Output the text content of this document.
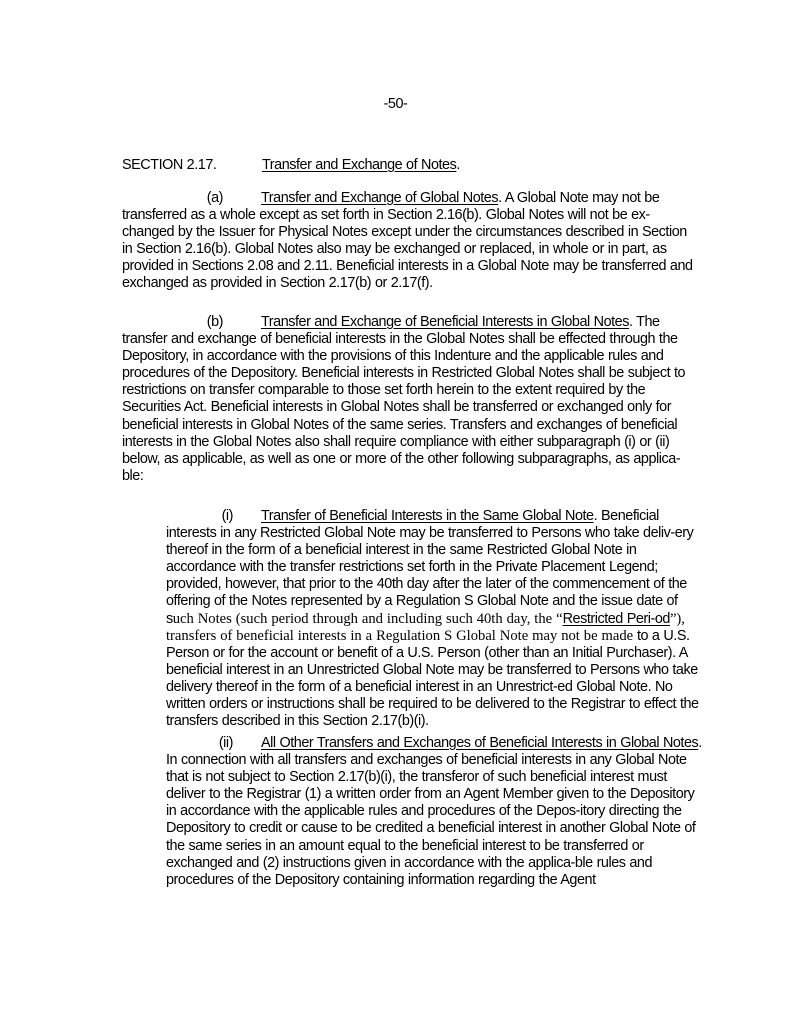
-50-

SECTION 2.17.	Transfer and Exchange of Notes.

(a)	Transfer and Exchange of Global Notes. A Global Note may not be transferred as a whole except as set forth in Section 2.16(b). Global Notes will not be ex-changed by the Issuer for Physical Notes except under the circumstances described in Section in Section 2.16(b). Global Notes also may be exchanged or replaced, in whole or in part, as provided in Sections 2.08 and 2.11. Beneficial interests in a Global Note may be transferred and exchanged as provided in Section 2.17(b) or 2.17(f).

(b)	Transfer and Exchange of Beneficial Interests in Global Notes. The transfer and exchange of beneficial interests in the Global Notes shall be effected through the Depository, in accordance with the provisions of this Indenture and the applicable rules and procedures of the Depository. Beneficial interests in Restricted Global Notes shall be subject to restrictions on transfer comparable to those set forth herein to the extent required by the Securities Act. Beneficial interests in Global Notes shall be transferred or exchanged only for beneficial interests in Global Notes of the same series. Transfers and exchanges of beneficial interests in the Global Notes also shall require compliance with either subparagraph (i) or (ii) below, as applicable, as well as one or more of the other following subparagraphs, as applica-ble:

(i) Transfer of Beneficial Interests in the Same Global Note. Beneficial interests in any Restricted Global Note may be transferred to Persons who take deliv-ery thereof in the form of a beneficial interest in the same Restricted Global Note in accordance with the transfer restrictions set forth in the Private Placement Legend; provided, however, that prior to the 40th day after the later of the commencement of the offering of the Notes represented by a Regulation S Global Note and the issue date of such Notes (such period through and including such 40th day, the “Restricted Peri-od”), transfers of beneficial interests in a Regulation S Global Note may not be made to a U.S. Person or for the account or benefit of a U.S. Person (other than an Initial Purchaser). A beneficial interest in an Unrestricted Global Note may be transferred to Persons who take delivery thereof in the form of a beneficial interest in an Unrestrict-ed Global Note. No written orders or instructions shall be required to be delivered to the Registrar to effect the transfers described in this Section 2.17(b)(i).

(ii) All Other Transfers and Exchanges of Beneficial Interests in Global Notes. In connection with all transfers and exchanges of beneficial interests in any Global Note that is not subject to Section 2.17(b)(i), the transferor of such beneficial interest must deliver to the Registrar (1) a written order from an Agent Member given to the Depository in accordance with the applicable rules and procedures of the Depos-itory directing the Depository to credit or cause to be credited a beneficial interest in another Global Note of the same series in an amount equal to the beneficial interest to be transferred or exchanged and (2) instructions given in accordance with the applica-ble rules and procedures of the Depository containing information regarding the Agent
